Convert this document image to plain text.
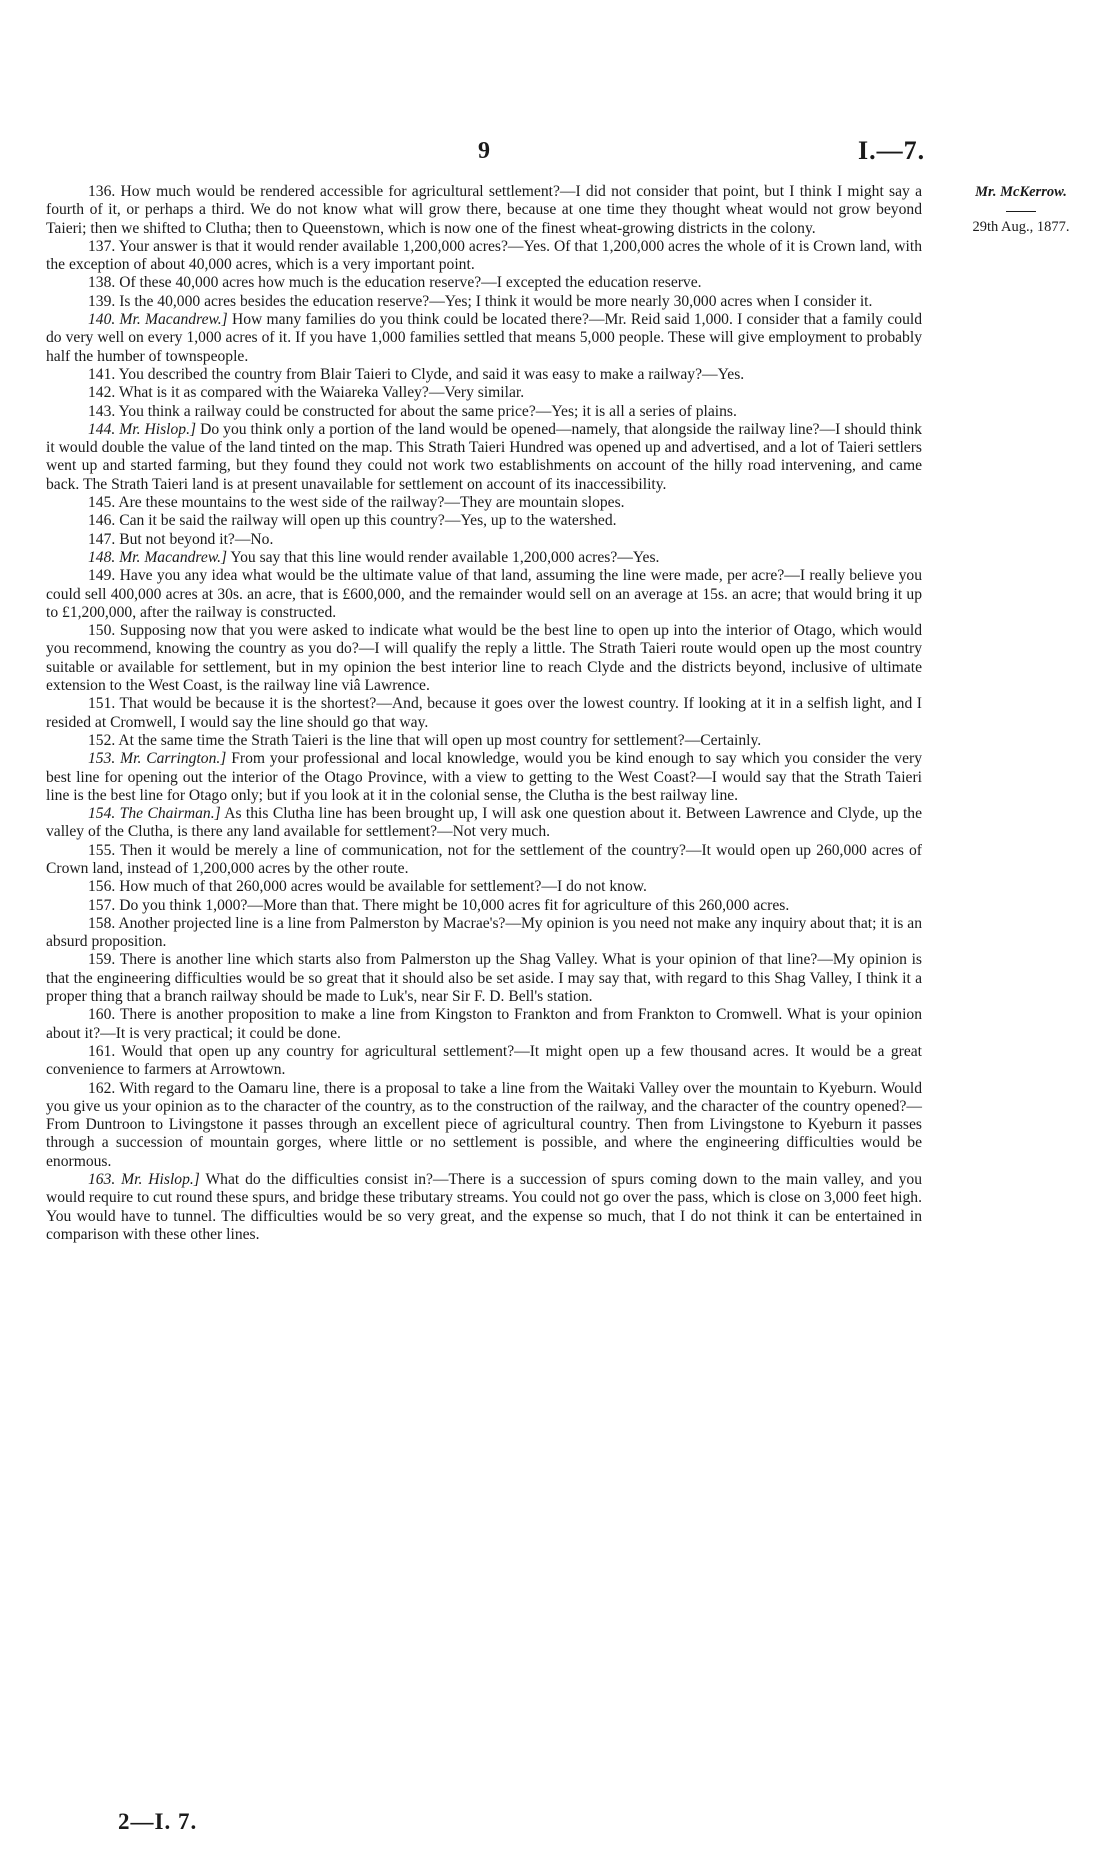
9	I.—7.
Mr. McKerrow.
29th Aug., 1877.

136. How much would be rendered accessible for agricultural settlement?—I did not consider that point, but I think I might say a fourth of it, or perhaps a third. We do not know what will grow there, because at one time they thought wheat would not grow beyond Taieri; then we shifted to Clutha; then to Queenstown, which is now one of the finest wheat-growing districts in the colony.

137. Your answer is that it would render available 1,200,000 acres?—Yes. Of that 1,200,000 acres the whole of it is Crown land, with the exception of about 40,000 acres, which is a very important point.

138. Of these 40,000 acres how much is the education reserve?—I excepted the education reserve.

139. Is the 40,000 acres besides the education reserve?—Yes; I think it would be more nearly 30,000 acres when I consider it.

140. Mr. Macandrew.] How many families do you think could be located there?—Mr. Reid said 1,000. I consider that a family could do very well on every 1,000 acres of it. If you have 1,000 families settled that means 5,000 people. These will give employment to probably half the humber of townspeople.

141. You described the country from Blair Taieri to Clyde, and said it was easy to make a railway?—Yes.

142. What is it as compared with the Waiareka Valley?—Very similar.

143. You think a railway could be constructed for about the same price?—Yes; it is all a series of plains.

144. Mr. Hislop.] Do you think only a portion of the land would be opened—namely, that alongside the railway line?—I should think it would double the value of the land tinted on the map. This Strath Taieri Hundred was opened up and advertised, and a lot of Taieri settlers went up and started farming, but they found they could not work two establishments on account of the hilly road intervening, and came back. The Strath Taieri land is at present unavailable for settlement on account of its inaccessibility.

145. Are these mountains to the west side of the railway?—They are mountain slopes.

146. Can it be said the railway will open up this country?—Yes, up to the watershed.

147. But not beyond it?—No.

148. Mr. Macandrew.] You say that this line would render available 1,200,000 acres?—Yes.

149. Have you any idea what would be the ultimate value of that land, assuming the line were made, per acre?—I really believe you could sell 400,000 acres at 30s. an acre, that is £600,000, and the remainder would sell on an average at 15s. an acre; that would bring it up to £1,200,000, after the railway is constructed.

150. Supposing now that you were asked to indicate what would be the best line to open up into the interior of Otago, which would you recommend, knowing the country as you do?—I will qualify the reply a little. The Strath Taieri route would open up the most country suitable or available for settlement, but in my opinion the best interior line to reach Clyde and the districts beyond, inclusive of ultimate extension to the West Coast, is the railway line viâ Lawrence.

151. That would be because it is the shortest?—And, because it goes over the lowest country. If looking at it in a selfish light, and I resided at Cromwell, I would say the line should go that way.

152. At the same time the Strath Taieri is the line that will open up most country for settlement?—Certainly.

153. Mr. Carrington.] From your professional and local knowledge, would you be kind enough to say which you consider the very best line for opening out the interior of the Otago Province, with a view to getting to the West Coast?—I would say that the Strath Taieri line is the best line for Otago only; but if you look at it in the colonial sense, the Clutha is the best railway line.

154. The Chairman.] As this Clutha line has been brought up, I will ask one question about it. Between Lawrence and Clyde, up the valley of the Clutha, is there any land available for settlement?—Not very much.

155. Then it would be merely a line of communication, not for the settlement of the country?—It would open up 260,000 acres of Crown land, instead of 1,200,000 acres by the other route.

156. How much of that 260,000 acres would be available for settlement?—I do not know.

157. Do you think 1,000?—More than that. There might be 10,000 acres fit for agriculture of this 260,000 acres.

158. Another projected line is a line from Palmerston by Macrae's?—My opinion is you need not make any inquiry about that; it is an absurd proposition.

159. There is another line which starts also from Palmerston up the Shag Valley. What is your opinion of that line?—My opinion is that the engineering difficulties would be so great that it should also be set aside. I may say that, with regard to this Shag Valley, I think it a proper thing that a branch railway should be made to Luk's, near Sir F. D. Bell's station.

160. There is another proposition to make a line from Kingston to Frankton and from Frankton to Cromwell. What is your opinion about it?—It is very practical; it could be done.

161. Would that open up any country for agricultural settlement?—It might open up a few thousand acres. It would be a great convenience to farmers at Arrowtown.

162. With regard to the Oamaru line, there is a proposal to take a line from the Waitaki Valley over the mountain to Kyeburn. Would you give us your opinion as to the character of the country, as to the construction of the railway, and the character of the country opened?—From Duntroon to Livingstone it passes through an excellent piece of agricultural country. Then from Livingstone to Kyeburn it passes through a succession of mountain gorges, where little or no settlement is possible, and where the engineering difficulties would be enormous.

163. Mr. Hislop.] What do the difficulties consist in?—There is a succession of spurs coming down to the main valley, and you would require to cut round these spurs, and bridge these tributary streams. You could not go over the pass, which is close on 3,000 feet high. You would have to tunnel. The difficulties would be so very great, and the expense so much, that I do not think it can be entertained in comparison with these other lines.

2—I. 7.
